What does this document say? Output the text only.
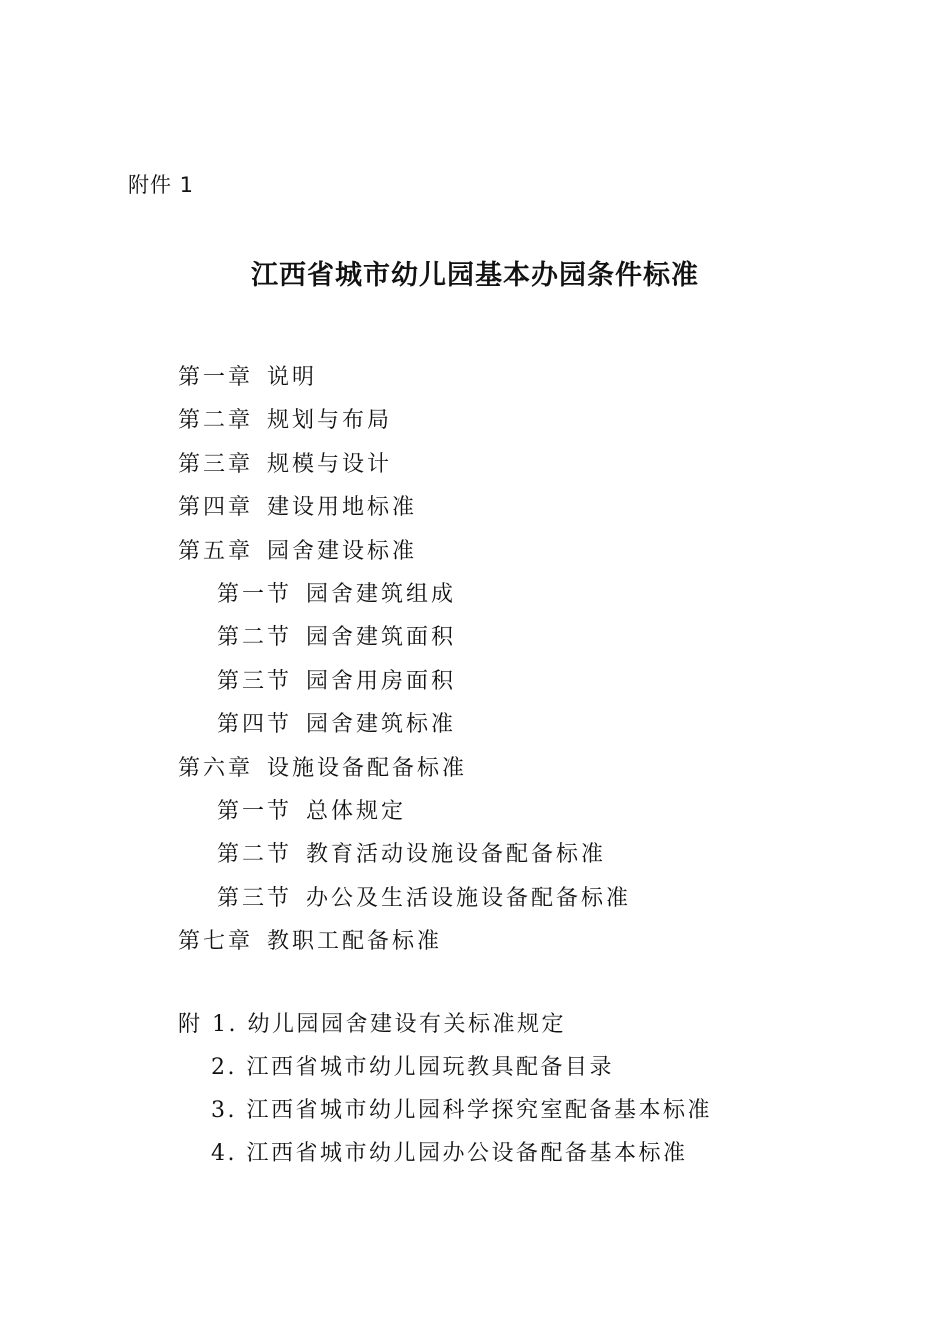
附件 1
江西省城市幼儿园基本办园条件标准
第一章 说明
第二章 规划与布局
第三章 规模与设计
第四章 建设用地标准
第五章 园舍建设标准
第一节 园舍建筑组成
第二节 园舍建筑面积
第三节 园舍用房面积
第四节 园舍建筑标准
第六章 设施设备配备标准
第一节 总体规定
第二节 教育活动设施设备配备标准
第三节 办公及生活设施设备配备标准
第七章 教职工配备标准
附 1. 幼儿园园舍建设有关标准规定
2. 江西省城市幼儿园玩教具配备目录
3. 江西省城市幼儿园科学探究室配备基本标准
4. 江西省城市幼儿园办公设备配备基本标准
